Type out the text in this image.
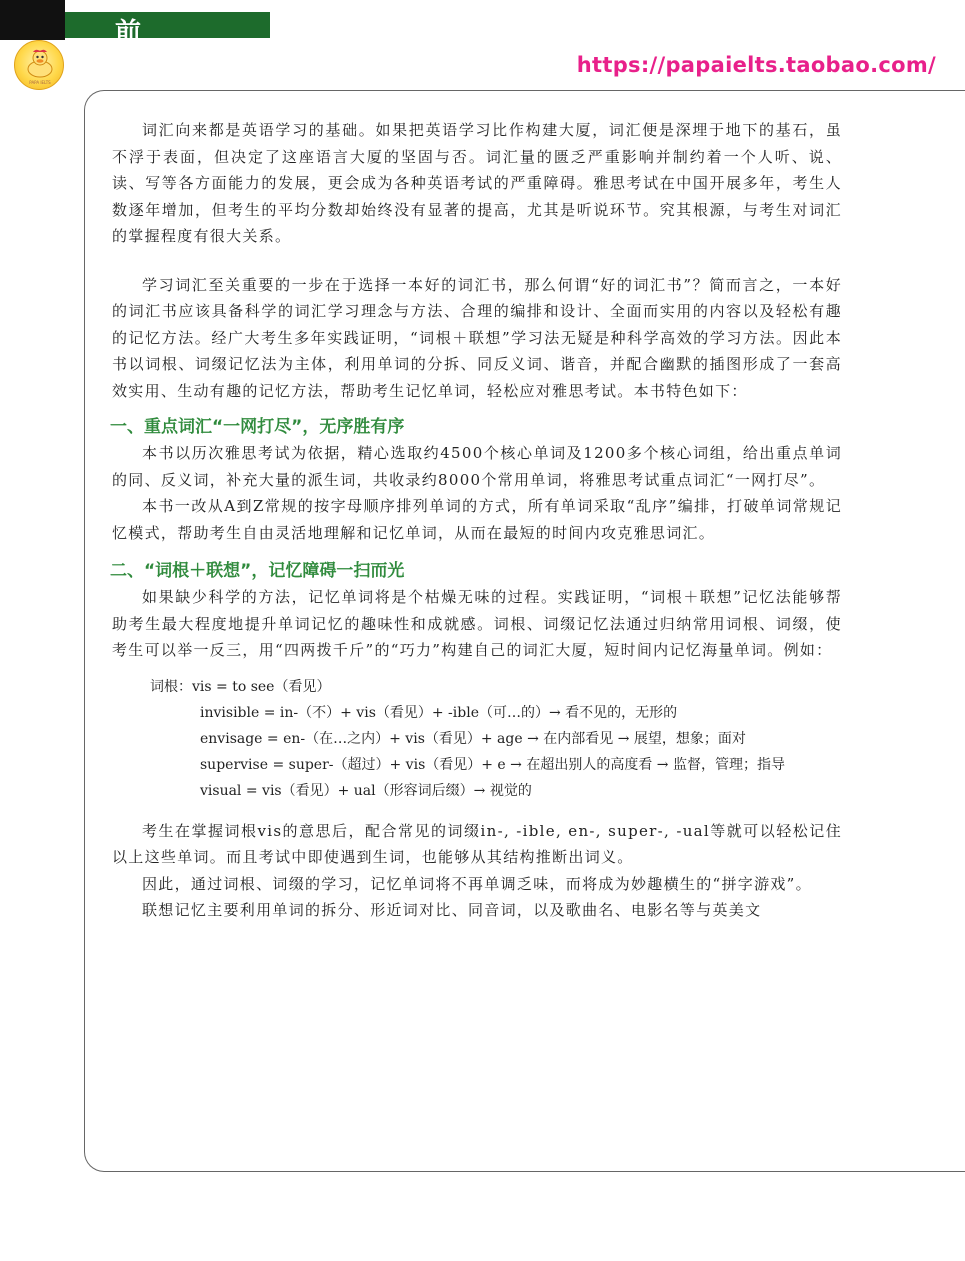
前 言
PAPA IELTS
https://papaielts.taobao.com/

词汇向来都是英语学习的基础。如果把英语学习比作构建大厦，词汇便是深埋于地下的基石，虽不浮于表面，但决定了这座语言大厦的坚固与否。词汇量的匮乏严重影响并制约着一个人听、说、读、写等各方面能力的发展，更会成为各种英语考试的严重障碍。雅思考试在中国开展多年，考生人数逐年增加，但考生的平均分数却始终没有显著的提高，尤其是听说环节。究其根源，与考生对词汇的掌握程度有很大关系。

学习词汇至关重要的一步在于选择一本好的词汇书，那么何谓“好的词汇书”？简而言之，一本好的词汇书应该具备科学的词汇学习理念与方法、合理的编排和设计、全面而实用的内容以及轻松有趣的记忆方法。经广大考生多年实践证明，“词根＋联想”学习法无疑是种科学高效的学习方法。因此本书以词根、词缀记忆法为主体，利用单词的分拆、同反义词、谐音，并配合幽默的插图形成了一套高效实用、生动有趣的记忆方法，帮助考生记忆单词，轻松应对雅思考试。本书特色如下：

一、重点词汇“一网打尽”，无序胜有序

本书以历次雅思考试为依据，精心选取约4500个核心单词及1200多个核心词组，给出重点单词的同、反义词，补充大量的派生词，共收录约8000个常用单词，将雅思考试重点词汇“一网打尽”。

本书一改从A到Z常规的按字母顺序排列单词的方式，所有单词采取“乱序”编排，打破单词常规记忆模式，帮助考生自由灵活地理解和记忆单词，从而在最短的时间内攻克雅思词汇。

二、“词根＋联想”，记忆障碍一扫而光

如果缺少科学的方法，记忆单词将是个枯燥无味的过程。实践证明，“词根＋联想”记忆法能够帮助考生最大程度地提升单词记忆的趣味性和成就感。词根、词缀记忆法通过归纳常用词根、词缀，使考生可以举一反三，用“四两拨千斤”的“巧力”构建自己的词汇大厦，短时间内记忆海量单词。例如：

词根：vis = to see（看见）
invisible = in-（不）+ vis（看见）+ -ible（可…的）→ 看不见的，无形的
envisage = en-（在…之内）+ vis（看见）+ age → 在内部看见 → 展望，想象；面对
supervise = super-（超过）+ vis（看见）+ e → 在超出别人的高度看 → 监督，管理；指导
visual = vis（看见）+ ual（形容词后缀）→ 视觉的

考生在掌握词根vis的意思后，配合常见的词缀in-, -ible, en-, super-, -ual等就可以轻松记住以上这些单词。而且考试中即使遇到生词，也能够从其结构推断出词义。

因此，通过词根、词缀的学习，记忆单词将不再单调乏味，而将成为妙趣横生的“拼字游戏”。

联想记忆主要利用单词的拆分、形近词对比、同音词，以及歌曲名、电影名等与英美文
